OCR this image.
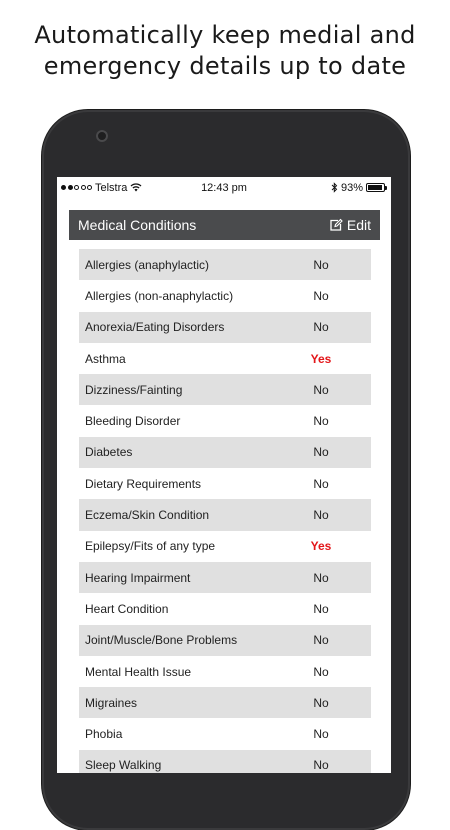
Automatically keep medial and
emergency details up to date
Telstra	12:43 pm	93%
Medical Conditions	Edit
Allergies (anaphylactic)	No
Allergies (non-anaphylactic)	No
Anorexia/Eating Disorders	No
Asthma	Yes
Dizziness/Fainting	No
Bleeding Disorder	No
Diabetes	No
Dietary Requirements	No
Eczema/Skin Condition	No
Epilepsy/Fits of any type	Yes
Hearing Impairment	No
Heart Condition	No
Joint/Muscle/Bone Problems	No
Mental Health Issue	No
Migraines	No
Phobia	No
Sleep Walking	No
